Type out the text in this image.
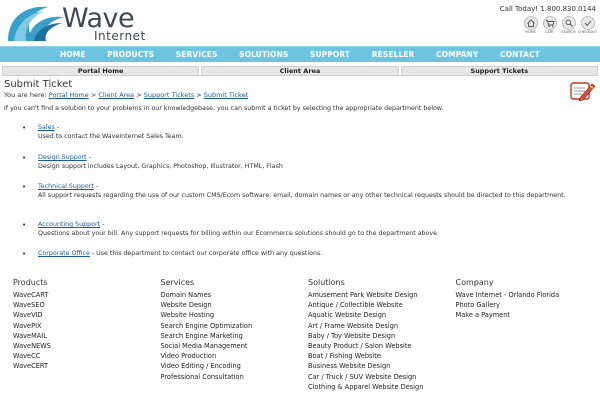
Wave
Internet
Call Today! 1.800.830.0144
HOME	CART SEARCH CHECKOUT
HOME	PRODUCTS	SERVICES	SOLUTIONS	SUPPORT	RESELLER	COMPANY	CONTACT
Portal Home	Client Area	Support Tickets
Submit Ticket
You are here: Portal Home > Client Area > Support Tickets > Submit Ticket
If you can't find a solution to your problems in our knowledgebase, you can submit a ticket by selecting the appropriate department below.
• Sales -
Used to contact the WaveInternet Sales Team.
• Design Support -
Design support includes Layout, Graphics, Photoshop, Illustrator, HTML, Flash
• Technical Support -
All support requests regarding the use of our custom CMS/Ecom software, email, domain names or any other technical requests should be directed to this department.
• Accounting Support -
Questions about your bill. Any support requests for billing within our Ecommerce solutions should go to the department above.
• Corporate Office - Use this department to contact our corporate office with any questions.
Products
WaveCART
WaveSEO
WaveVID
WavePIX
WaveMAIL
WaveNEWS
WaveCC
WaveCERT
Services
Domain Names
Website Design
Website Hosting
Search Engine Optimization
Search Engine Marketing
Social Media Management
Video Production
Video Editing / Encoding
Professional Consultation
Solutions
Amusement Park Website Design
Antique / Collectible Website
Aquatic Website Design
Art / Frame Website Design
Baby / Toy Website Design
Beauty Product / Salon Website
Boat / Fishing Website
Business Website Design
Car / Truck / SUV Website Design
Clothing & Apparel Website Design
Company
Wave Internet - Orlando Florida
Photo Gallery
Make a Payment
